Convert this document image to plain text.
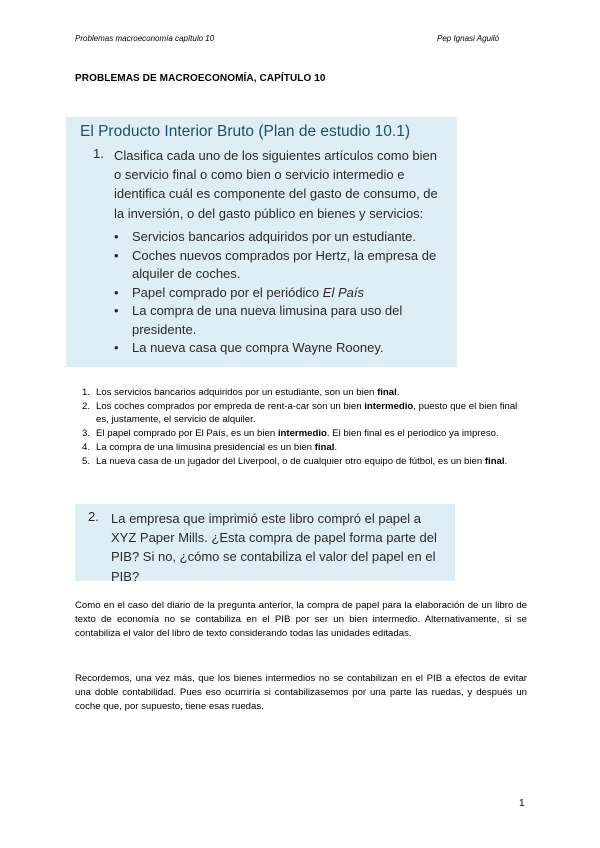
Problemas macroeconomía capítulo 10	Pep Ignasi Aguiló
PROBLEMAS DE MACROECONOMÍA, CAPÍTULO 10
El Producto Interior Bruto (Plan de estudio 10.1)
1. Clasifica cada uno de los siguientes artículos como bien o servicio final o como bien o servicio intermedio e identifica cuál es componente del gasto de consumo, de la inversión, o del gasto público en bienes y servicios:
• Servicios bancarios adquiridos por un estudiante.
• Coches nuevos comprados por Hertz, la empresa de alquiler de coches.
• Papel comprado por el periódico El País
• La compra de una nueva limusina para uso del presidente.
• La nueva casa que compra Wayne Rooney.
1. Los servicios bancarios adquiridos por un estudiante, son un bien final.
2. Los coches comprados por empreda de rent-a-car son un bien intermedio, puesto que el bien final es, justamente, el servicio de alquiler.
3. El papel comprado por El País, es un bien intermedio. El bien final es el periodico ya impreso.
4. La compra de una limusina presidencial es un bien final.
5. La nueva casa de un jugador del Liverpool, o de cualquier otro equipo de fútbol, es un bien final.
2. La empresa que imprimió este libro compró el papel a XYZ Paper Mills. ¿Esta compra de papel forma parte del PIB? Si no, ¿cómo se contabiliza el valor del papel en el PIB?

Como en el caso del diario de la pregunta anterior, la compra de papel para la elaboración de un libro de texto de economía no se contabiliza en el PIB por ser un bien intermedio. Alternativamente, si se contabiliza el valor del libro de texto considerando todas las unidades editadas.

Recordemos, una vez más, que los bienes intermedios no se contabilizan en el PIB a efectos de evitar una doble contabilidad. Pues eso ocurriría si contabilizasemos por una parte las ruedas, y después un coche que, por supuesto, tiene esas ruedas.

1
